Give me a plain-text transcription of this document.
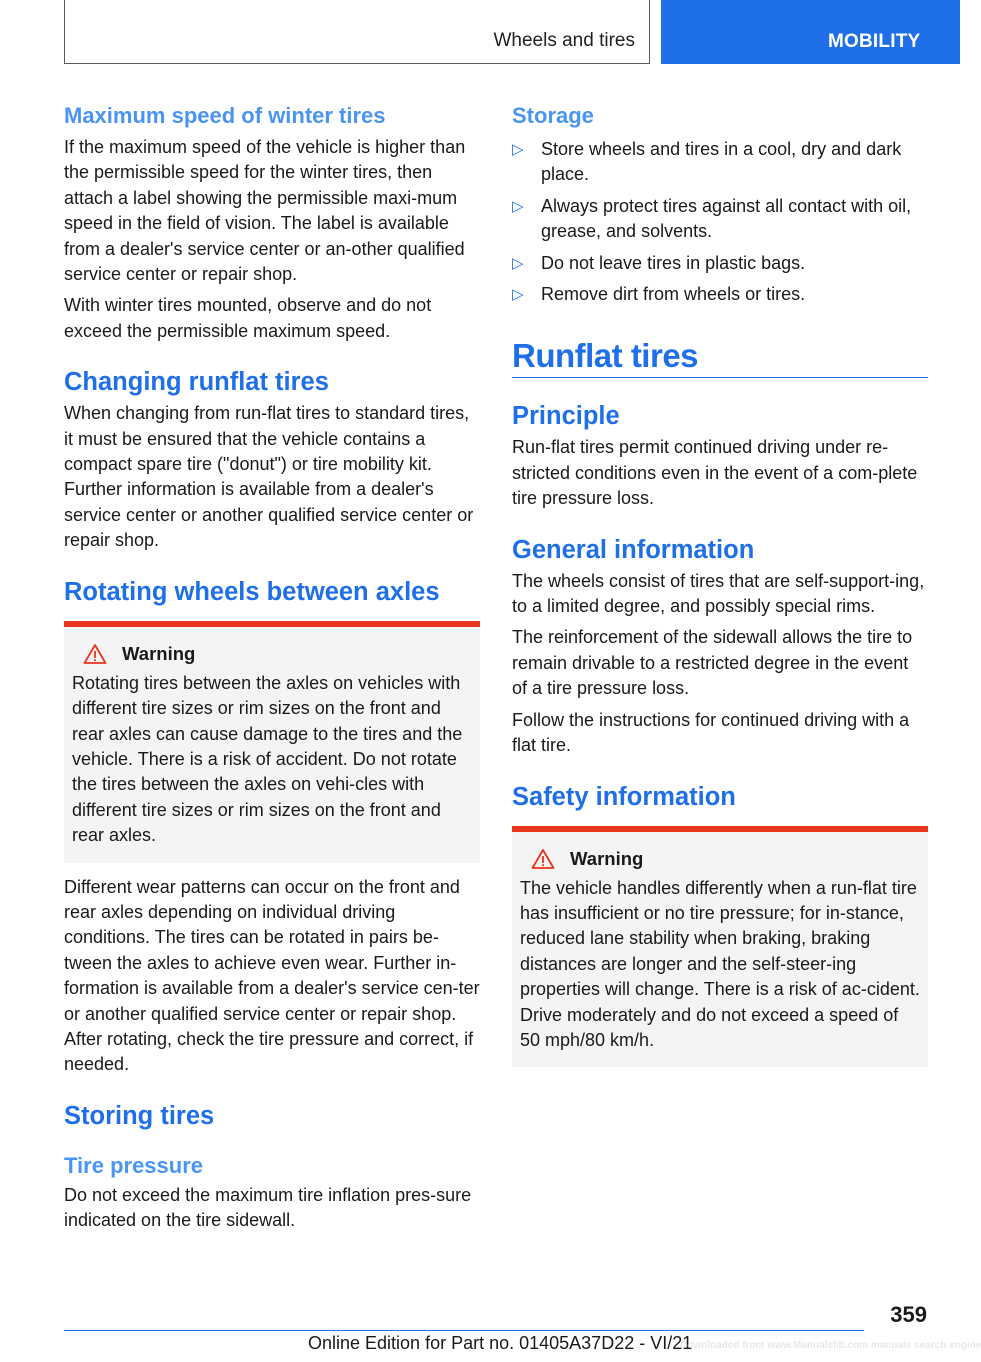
Wheels and tires	MOBILITY
Maximum speed of winter tires

If the maximum speed of the vehicle is higher than the permissible speed for the winter tires, then attach a label showing the permissible maxi-mum speed in the field of vision. The label is available from a dealer's service center or an-other qualified service center or repair shop.

With winter tires mounted, observe and do not exceed the permissible maximum speed.

Changing runflat tires

When changing from run-flat tires to standard tires, it must be ensured that the vehicle contains a compact spare tire ("donut") or tire mobility kit. Further information is available from a dealer's service center or another qualified service center or repair shop.

Rotating wheels between axles
Warning

Rotating tires between the axles on vehicles with different tire sizes or rim sizes on the front and rear axles can cause damage to the tires and the vehicle. There is a risk of accident. Do not rotate the tires between the axles on vehi-cles with different tire sizes or rim sizes on the front and rear axles.

Different wear patterns can occur on the front and rear axles depending on individual driving conditions. The tires can be rotated in pairs be-tween the axles to achieve even wear. Further in-formation is available from a dealer's service cen-ter or another qualified service center or repair shop. After rotating, check the tire pressure and correct, if needed.

Storing tires
Tire pressure

Do not exceed the maximum tire inflation pres-sure indicated on the tire sidewall.

Storage
▷ Store wheels and tires in a cool, dry and dark place.
▷ Always protect tires against all contact with oil, grease, and solvents.
▷ Do not leave tires in plastic bags.
▷ Remove dirt from wheels or tires.
Runflat tires
Principle

Run-flat tires permit continued driving under re-stricted conditions even in the event of a com-plete tire pressure loss.

General information

The wheels consist of tires that are self-support-ing, to a limited degree, and possibly special rims.

The reinforcement of the sidewall allows the tire to remain drivable to a restricted degree in the event of a tire pressure loss.

Follow the instructions for continued driving with a flat tire.

Safety information
Warning

The vehicle handles differently when a run-flat tire has insufficient or no tire pressure; for in-stance, reduced lane stability when braking, braking distances are longer and the self-steer-ing properties will change. There is a risk of ac-cident. Drive moderately and do not exceed a speed of 50 mph/80 km/h.

359
Online Edition for Part no. 01405A37D22 - VI/21
Downloaded from www.Manualslib.com manuals search engine
